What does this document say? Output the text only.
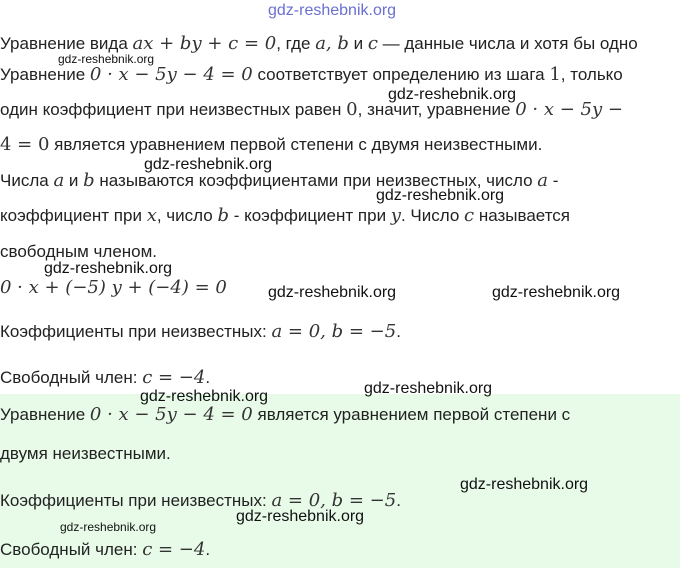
Уравнение вида ax + by + c = 0, где a, b и c — данные числа и хотя бы одно
Уравнение 0 · x − 5y − 4 = 0 соответствует определению из шага 1, только
один коэффициент при неизвестных равен 0, значит, уравнение 0 · x − 5y −
4 = 0 является уравнением первой степени с двумя неизвестными.
Числа a и b называются коэффициентами при неизвестных, число a -
коэффициент при x, число b - коэффициент при y. Число c называется
свободным членом.
0 · x + (−5) y + (−4) = 0
Коэффициенты при неизвестных: a = 0, b = −5.
Свободный член: c = −4.
Уравнение 0 · x − 5y − 4 = 0 является уравнением первой степени с
двумя неизвестными.
Коэффициенты при неизвестных: a = 0, b = −5.
Свободный член: c = −4.
gdz-reshebnik.org
gdz-reshebnik.org
gdz-reshebnik.org
gdz-reshebnik.org
gdz-reshebnik.org
gdz-reshebnik.org
gdz-reshebnik.org	gdz-reshebnik.org
gdz-reshebnik.org
gdz-reshebnik.org
gdz-reshebnik.org
gdz-reshebnik.org
gdz-reshebnik.org
